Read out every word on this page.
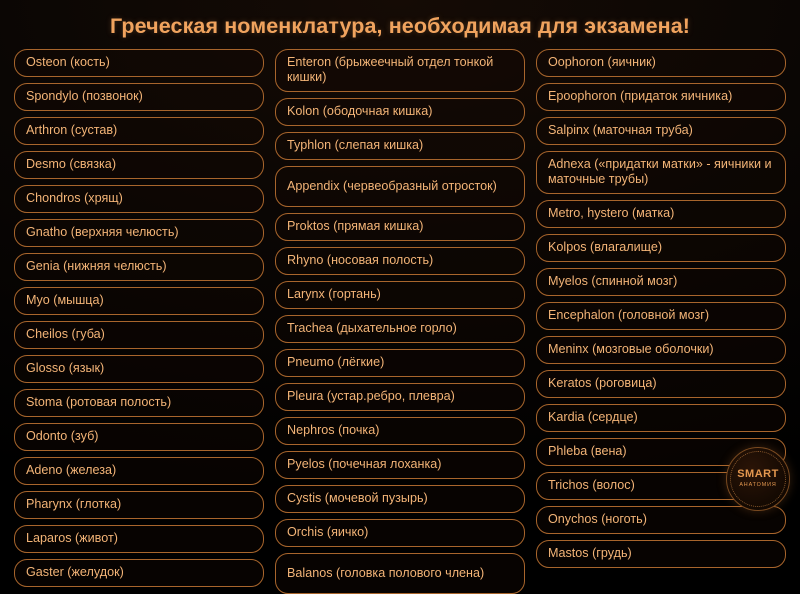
Греческая номенклатура, необходимая для экзамена!
Osteon (кость)
Spondylo (позвонок)
Arthron (сустав)
Desmo (связка)
Chondros (хрящ)
Gnatho (верхняя челюсть)
Genia (нижняя челюсть)
Myo (мышца)
Cheilos (губа)
Glosso (язык)
Stoma (ротовая полость)
Odonto (зуб)
Adeno (железа)
Pharynx (глотка)
Laparos (живот)
Gaster (желудок)
Enteron (брыжеечный отдел тонкой кишки)
Kolon (ободочная кишка)
Typhlon (слепая кишка)
Appendix (червеобразный отросток)
Proktos (прямая кишка)
Rhyno (носовая полость)
Larynx (гортань)
Trachea (дыхательное горло)
Pneumo (лёгкие)
Pleura (устар.ребро, плевра)
Nephros (почка)
Pyelos (почечная лоханка)
Cystis (мочевой пузырь)
Orchis (яичко)
Balanos (головка полового члена)
Oophoron (яичник)
Epoophoron (придаток яичника)
Salpinx (маточная труба)
Adnexa («придатки матки» - яичники и маточные трубы)
Metro, hystero (матка)
Kolpos (влагалище)
Myelos (спинной мозг)
Encephalon (головной мозг)
Meninx (мозговые оболочки)
Keratos (роговица)
Kardia (сердце)
Phleba (вена)
Trichos (волос)
Onychos (ноготь)
Mastos (грудь)
SMART
АНАТОМИЯ
